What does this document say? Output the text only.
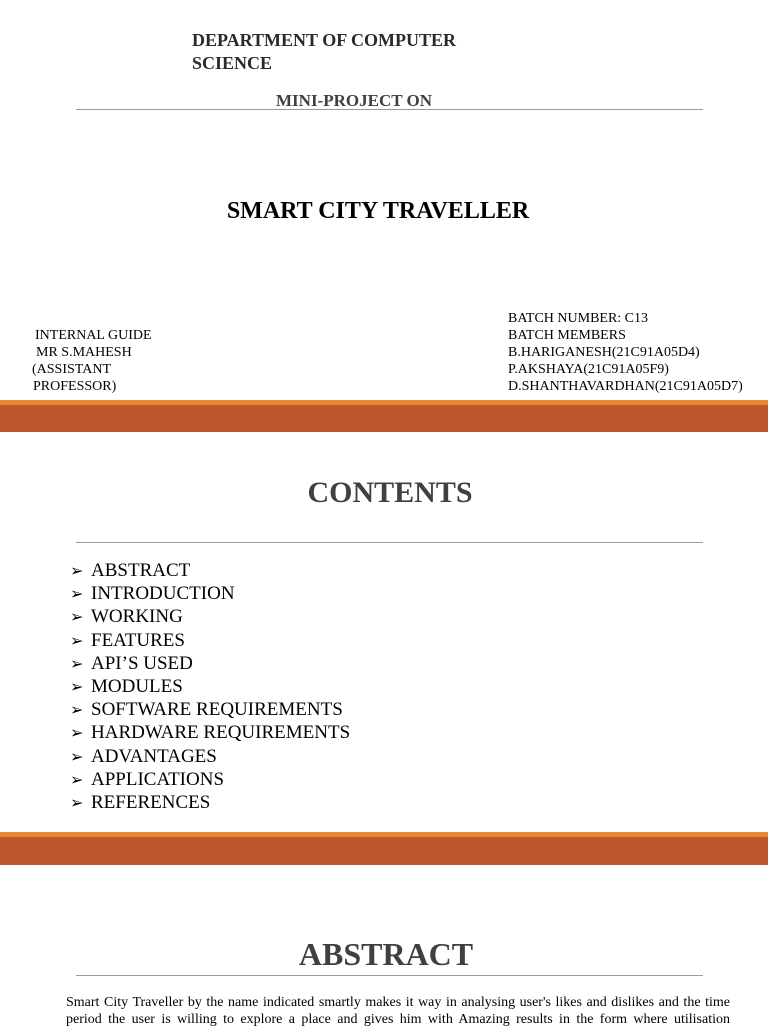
DEPARTMENT OF COMPUTER SCIENCE
MINI-PROJECT ON
SMART CITY TRAVELLER
INTERNAL GUIDE
MR S.MAHESH
(ASSISTANT
PROFESSOR)
BATCH NUMBER: C13
BATCH MEMBERS
B.HARIGANESH(21C91A05D4)
P.AKSHAYA(21C91A05F9)
D.SHANTHAVARDHAN(21C91A05D7)
CONTENTS
➢ ABSTRACT
➢ INTRODUCTION
➢ WORKING
➢ FEATURES
➢ API’S USED
➢ MODULES
➢ SOFTWARE REQUIREMENTS
➢ HARDWARE REQUIREMENTS
➢ ADVANTAGES
➢ APPLICATIONS
➢ REFERENCES
ABSTRACT
Smart City Traveller by the name indicated smartly makes it way in analysing user's likes and dislikes and the time period the user is willing to explore a place and gives him with Amazing results in the form where utilisation
